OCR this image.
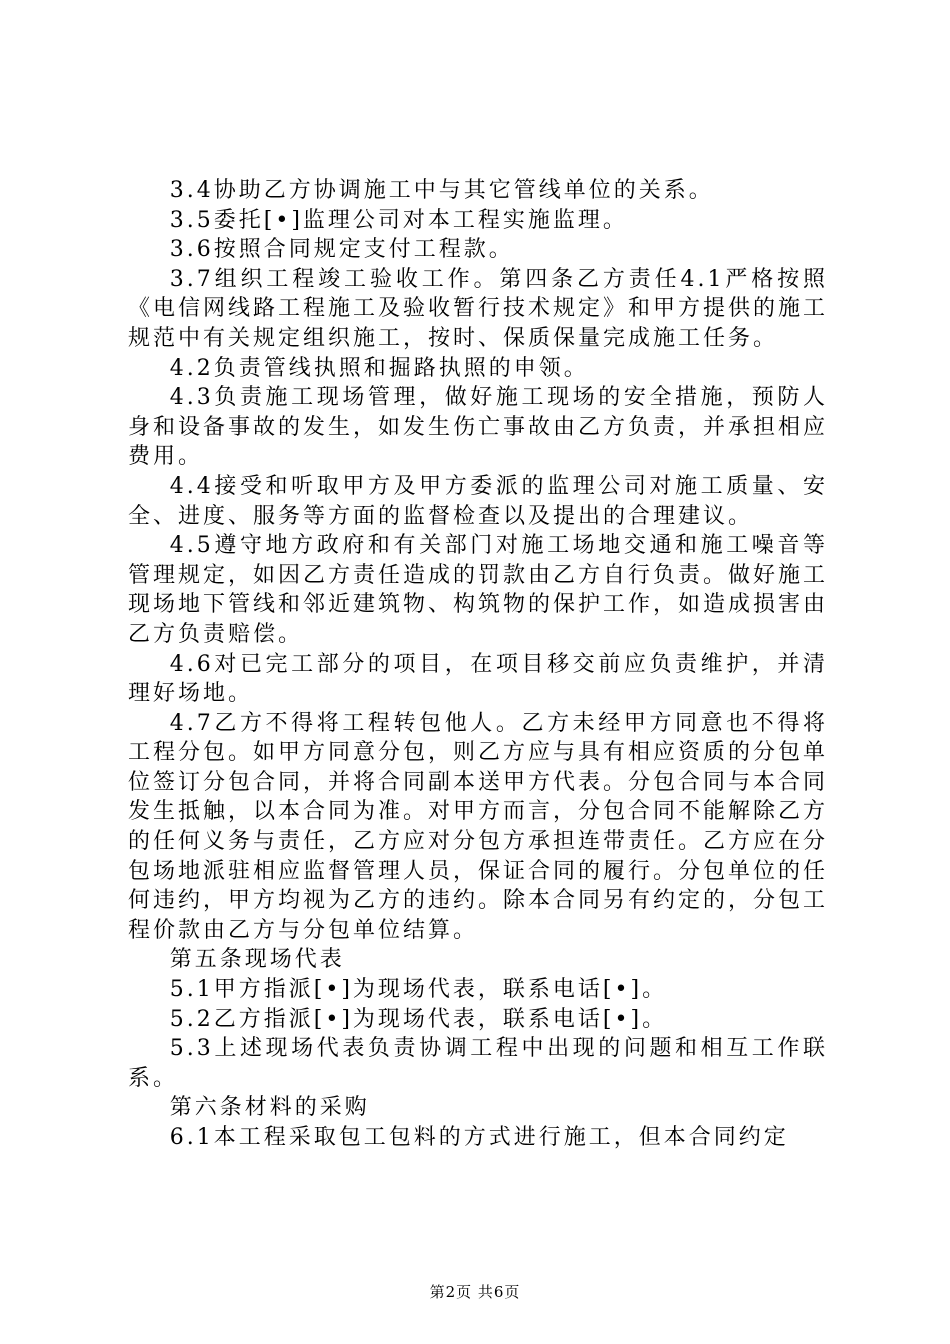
3.4协助乙方协调施工中与其它管线单位的关系。

3.5委托[•]监理公司对本工程实施监理。

3.6按照合同规定支付工程款。

3.7组织工程竣工验收工作。第四条乙方责任4.1严格按照《电信网线路工程施工及验收暂行技术规定》和甲方提供的施工规范中有关规定组织施工，按时、保质保量完成施工任务。

4.2负责管线执照和掘路执照的申领。

4.3负责施工现场管理，做好施工现场的安全措施，预防人身和设备事故的发生，如发生伤亡事故由乙方负责，并承担相应费用。

4.4接受和听取甲方及甲方委派的监理公司对施工质量、安全、进度、服务等方面的监督检查以及提出的合理建议。

4.5遵守地方政府和有关部门对施工场地交通和施工噪音等管理规定，如因乙方责任造成的罚款由乙方自行负责。做好施工现场地下管线和邻近建筑物、构筑物的保护工作，如造成损害由乙方负责赔偿。

4.6对已完工部分的项目，在项目移交前应负责维护，并清理好场地。

4.7乙方不得将工程转包他人。乙方未经甲方同意也不得将工程分包。如甲方同意分包，则乙方应与具有相应资质的分包单位签订分包合同，并将合同副本送甲方代表。分包合同与本合同发生抵触，以本合同为准。对甲方而言，分包合同不能解除乙方的任何义务与责任，乙方应对分包方承担连带责任。乙方应在分包场地派驻相应监督管理人员，保证合同的履行。分包单位的任何违约，甲方均视为乙方的违约。除本合同另有约定的，分包工程价款由乙方与分包单位结算。

第五条现场代表

5.1甲方指派[•]为现场代表，联系电话[•]。

5.2乙方指派[•]为现场代表，联系电话[•]。

5.3上述现场代表负责协调工程中出现的问题和相互工作联系。

第六条材料的采购

6.1本工程采取包工包料的方式进行施工，但本合同约定

第2页 共6页
